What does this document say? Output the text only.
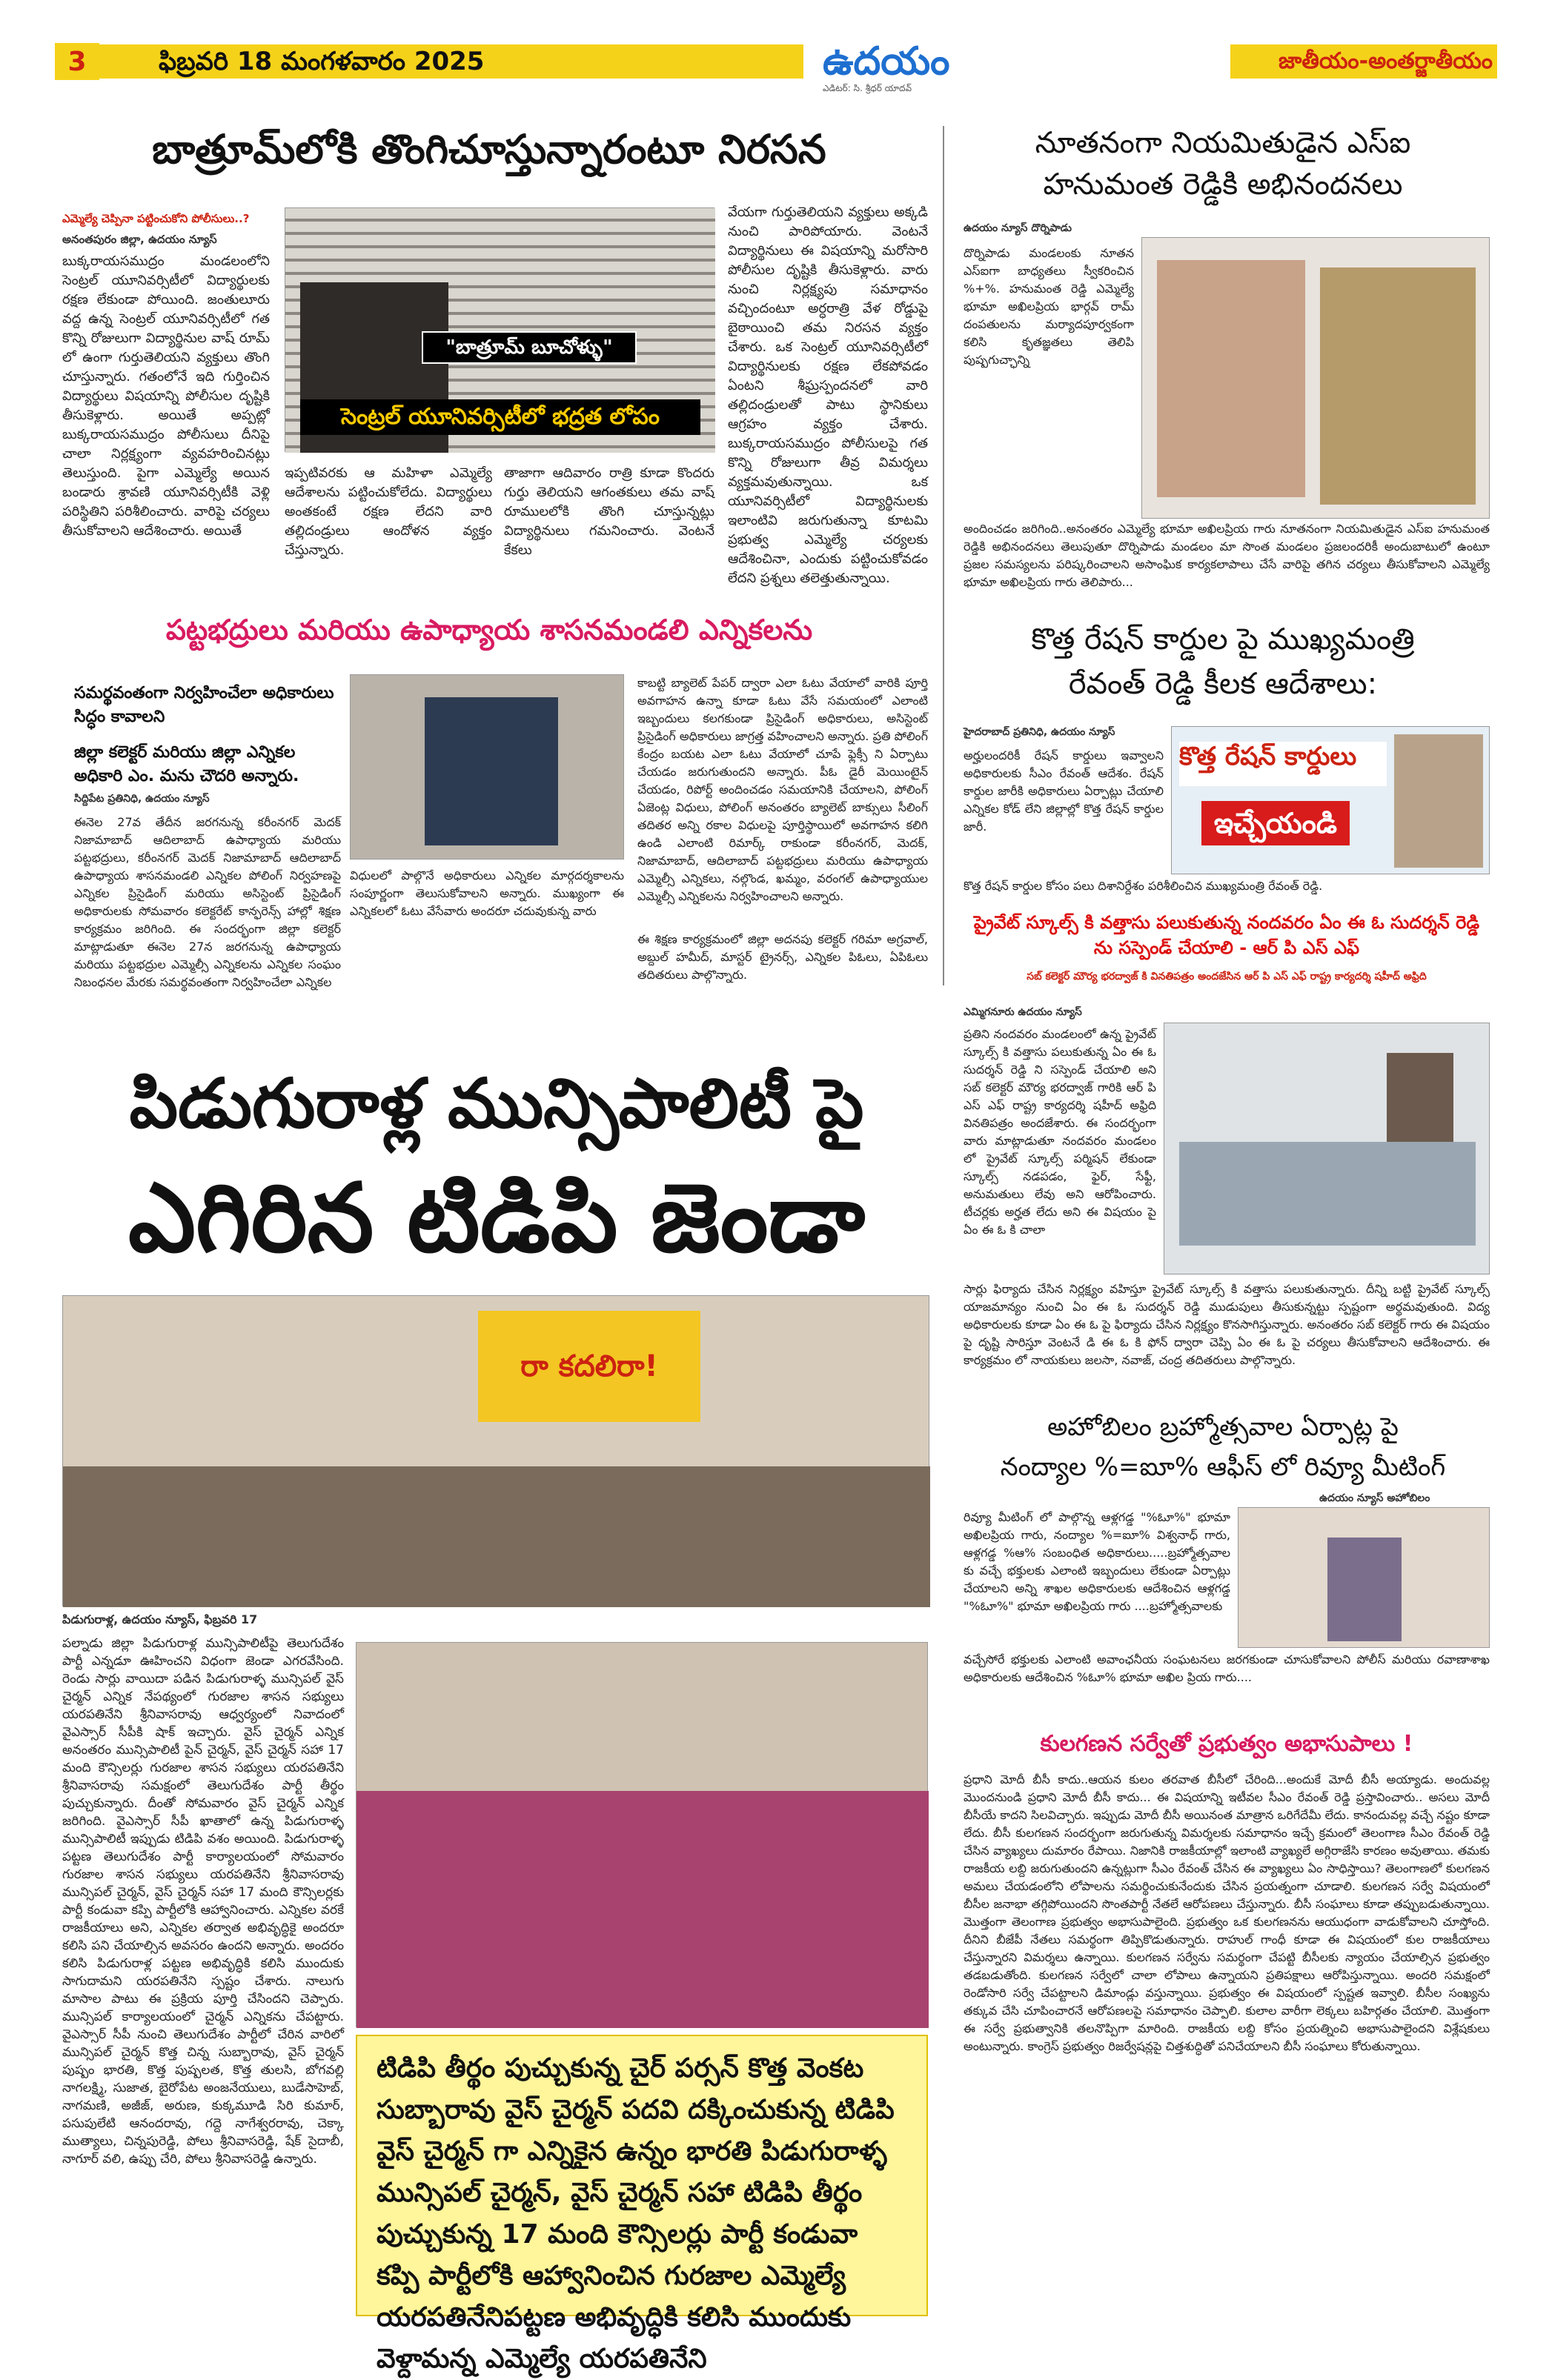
3	ఫిబ్రవరి 18 మంగళవారం 2025	ఉదయం
ఎడిటర్: సి. శ్రీధర్ యాదవ్
జాతీయం-అంతర్జాతీయం
బాత్రూమ్‌లోకి తొంగిచూస్తున్నారంటూ నిరసన
ఎమ్మెల్యే చెప్పినా పట్టించుకోని పోలీసులు..?
అనంతపురం జిల్లా, ఉదయం న్యూస్
"బాత్రూమ్ బూచోళ్ళు"
సెంట్రల్ యూనివర్సిటీలో భద్రత లోపం
బుక్కరాయసముద్రం మండలంలోని సెంట్రల్ యూనివర్సిటీలో విద్యార్థులకు రక్షణ లేకుండా పోయింది. జంతులూరు వద్ద ఉన్న సెంట్రల్ యూనివర్సిటీలో గత కొన్ని రోజులుగా విద్యార్థినుల వాష్ రూమ్ లో ఉంగా గుర్తుతెలియని వ్యక్తులు తొంగి చూస్తున్నారు. గతంలోనే ఇది గుర్తించిన విద్యార్థులు విషయాన్ని పోలీసుల దృష్టికి తీసుకెళ్లారు. అయితే అప్పట్లో బుక్కరాయసముద్రం పోలీసులు దీనిపై చాలా నిర్లక్ష్యంగా వ్యవహరించినట్లు తెలుస్తుంది. పైగా ఎమ్మెల్యే అయిన బండారు శ్రావణి యూనివర్సిటీకి వెళ్లి పరిస్థితిని పరిశీలించారు. వారిపై చర్యలు తీసుకోవాలని ఆదేశించారు. అయితే
ఇప్పటివరకు ఆ మహిళా ఎమ్మెల్యే ఆదేశాలను పట్టించుకోలేదు. విద్యార్థులు అంతకంటే రక్షణ లేదని వారి తల్లిదండ్రులు ఆందోళన వ్యక్తం చేస్తున్నారు.
తాజాగా ఆదివారం రాత్రి కూడా కొందరు గుర్తు తెలియని ఆగంతకులు తమ వాష్ రూములలోకి తొంగి చూస్తున్నట్లు విద్యార్థినులు గమనించారు. వెంటనే కేకలు
వేయగా గుర్తుతెలియని వ్యక్తులు అక్కడి నుంచి పారిపోయారు. వెంటనే విద్యార్థినులు ఈ విషయాన్ని మరోసారి పోలీసుల దృష్టికి తీసుకెళ్లారు. వారు నుంచి నిర్లక్ష్యపు సమాధానం వచ్చిందంటూ అర్ధరాత్రి వేళ రోడ్డుపై బైఠాయించి తమ నిరసన వ్యక్తం చేశారు. ఒక సెంట్రల్ యూనివర్సిటీలో విద్యార్థినులకు రక్షణ లేకపోవడం ఏంటని శీఘ్రస్పందనలో వారి తల్లిదండ్రులతో పాటు స్థానికులు ఆగ్రహం వ్యక్తం చేశారు. బుక్కరాయసముద్రం పోలీసులపై గత కొన్ని రోజులుగా తీవ్ర విమర్శలు వ్యక్తమవుతున్నాయి. ఒక యూనివర్సిటీలో విద్యార్థినులకు ఇలాంటివి జరుగుతున్నా కూటమి ప్రభుత్వ ఎమ్మెల్యే చర్యలకు ఆదేశించినా, ఎందుకు పట్టించుకోవడం లేదని ప్రశ్నలు తలెత్తుతున్నాయి.
నూతనంగా నియమితుడైన ఎస్ఐ
హనుమంత రెడ్డికి అభినందనలు
ఉదయం న్యూస్ దొర్నిపాడు
దొర్నిపాడు మండలంకు నూతన ఎస్ఐగా బాధ్యతలు స్వీకరించిన %+%. హనుమంత రెడ్డి ఎమ్మెల్యే భూమా అఖిలప్రియ భార్గవ్ రామ్ దంపతులను మర్యాదపూర్వకంగా కలిసి కృతజ్ఞతలు తెలిపి పుష్పగుచ్ఛాన్ని
అందించడం జరిగింది..అనంతరం ఎమ్మెల్యే భూమా అఖిలప్రియ గారు నూతనంగా నియమితుడైన ఎస్ఐ హనుమంత రెడ్డికి అభినందనలు తెలుపుతూ దొర్నిపాడు మండలం మా సొంత మండలం ప్రజలందరికీ అందుబాటులో ఉంటూ ప్రజల సమస్యలను పరిష్కరించాలని అసాంఘిక కార్యకలాపాలు చేసే వారిపై తగిన చర్యలు తీసుకోవాలని ఎమ్మెల్యే భూమా అఖిలప్రియ గారు తెలిపారు...
కొత్త రేషన్ కార్డుల పై ముఖ్యమంత్రి
రేవంత్ రెడ్డి కీలక ఆదేశాలు:
హైదరాబాద్ ప్రతినిధి, ఉదయం న్యూస్
అర్హులందరికీ రేషన్ కార్డులు ఇవ్వాలని అధికారులకు సీఎం రేవంత్ ఆదేశం. రేషన్ కార్డుల జారీకి అధికారులు ఏర్పాట్లు చేయాలి ఎన్నికల కోడ్ లేని జిల్లాల్లో కొత్త రేషన్ కార్డుల జారీ.
కొత్త రేషన్ కార్డులు
ఇచ్చేయండి
కొత్త రేషన్ కార్డుల కోసం పలు దిశానిర్దేశం పరిశీలించిన ముఖ్యమంత్రి రేవంత్ రెడ్డి.
ప్రైవేట్ స్కూల్స్ కి వత్తాసు పలుకుతున్న నందవరం ఏం ఈ ఓ సుదర్శన్ రెడ్డి ను సస్పెండ్ చేయాలి - ఆర్ పి ఎస్ ఎఫ్
సబ్ కలెక్టర్ మౌర్య భరద్వాజ్ కి వినతిపత్రం అందజేసిన ఆర్ పి ఎస్ ఎఫ్ రాష్ట్ర కార్యదర్శి షహీద్ అఫ్రిది
ఎమ్మిగనూరు ఉదయం న్యూస్
ప్రతిని నందవరం మండలంలో ఉన్న ప్రైవేట్ స్కూల్స్ కి వత్తాసు పలుకుతున్న ఏం ఈ ఓ సుదర్శన్ రెడ్డి ని సస్పెండ్ చేయాలి అని సబ్ కలెక్టర్ మౌర్య భరద్వాజ్ గారికి ఆర్ పి ఎస్ ఎఫ్ రాష్ట్ర కార్యదర్శి షహీద్ అఫ్రిది వినతిపత్రం అందజేశారు. ఈ సందర్భంగా వారు మాట్లాడుతూ నందవరం మండలం లో ప్రైవేట్ స్కూల్స్ పర్మిషన్ లేకుండా స్కూల్స్ నడపడం, ఫైర్, సేఫ్టీ, అనుమతులు లేవు అని ఆరోపించారు. టీచర్లకు అర్హత లేదు అని ఈ విషయం పై ఏం ఈ ఓ కి చాలా
సార్లు ఫిర్యాదు చేసిన నిర్లక్ష్యం వహిస్తూ ప్రైవేట్ స్కూల్స్ కి వత్తాసు పలుకుతున్నారు. దీన్ని బట్టి ప్రైవేట్ స్కూల్స్ యాజమాన్యం నుంచి ఏం ఈ ఓ సుదర్శన్ రెడ్డి ముడుపులు తీసుకున్నట్టు స్పష్టంగా అర్థమవుతుంది. విద్య అధికారులకు కూడా ఏం ఈ ఓ పై ఫిర్యాదు చేసిన నిర్లక్ష్యం కొనసాగిస్తున్నారు. అనంతరం సబ్ కలెక్టర్ గారు ఈ విషయం పై దృష్టి సారిస్తూ వెంటనే డి ఈ ఓ కి ఫోన్ ద్వారా చెప్పి ఏం ఈ ఓ పై చర్యలు తీసుకోవాలని ఆదేశించారు. ఈ కార్యక్రమం లో నాయకులు జలసా, నవాజ్, చంద్ర తదితరులు పాల్గొన్నారు.
పట్టభద్రులు మరియు ఉపాధ్యాయ శాసనమండలి ఎన్నికలను
సమర్థవంతంగా నిర్వహించేలా అధికారులు సిద్ధం కావాలని
జిల్లా కలెక్టర్ మరియు జిల్లా ఎన్నికల అధికారి ఎం. మను చౌదరి అన్నారు.
సిద్దిపేట ప్రతినిధి, ఉదయం న్యూస్
ఈనెల 27వ తేదీన జరగనున్న కరీంనగర్ మెదక్ నిజామాబాద్ ఆదిలాబాద్ ఉపాధ్యాయ మరియు పట్టభద్రులు, కరీంనగర్ మెదక్ నిజామాబాద్ ఆదిలాబాద్ ఉపాధ్యాయ శాసనమండలి ఎన్నికల పోలింగ్ నిర్వహణపై ఎన్నికల ప్రిసైడింగ్ మరియు అసిస్టెంట్ ప్రిసైడింగ్ అధికారులకు సోమవారం కలెక్టరేట్ కాన్ఫరెన్స్ హాల్లో శిక్షణ కార్యక్రమం జరిగింది. ఈ సందర్భంగా జిల్లా కలెక్టర్ మాట్లాడుతూ ఈనెల 27న జరగనున్న ఉపాధ్యాయ మరియు పట్టభద్రుల ఎమ్మెల్సీ ఎన్నికలను ఎన్నికల సంఘం నిబంధనల మేరకు సమర్థవంతంగా నిర్వహించేలా ఎన్నికల
విధులలో పాల్గొనే అధికారులు ఎన్నికల మార్గదర్శకాలను సంపూర్ణంగా తెలుసుకోవాలని అన్నారు. ముఖ్యంగా ఈ ఎన్నికలలో ఓటు వేసేవారు అందరూ చదువుకున్న వారు
కాబట్టి బ్యాలెట్ పేపర్ ద్వారా ఎలా ఓటు వేయాలో వారికి పూర్తి అవగాహన ఉన్నా కూడా ఓటు వేసే సమయంలో ఎలాంటి ఇబ్బందులు కలగకుండా ప్రిసైడింగ్ అధికారులు, అసిస్టెంట్ ప్రిసైడింగ్ అధికారులు జాగ్రత్త వహించాలని అన్నారు. ప్రతి పోలింగ్ కేంద్రం బయట ఎలా ఓటు వేయాలో చూపే ఫ్లెక్సీ ని ఏర్పాటు చేయడం జరుగుతుందని అన్నారు. పీఓ డైరీ మెయింటైన్ చేయడం, రిపోర్ట్ అందించడం సమయానికి చేయాలని, పోలింగ్ ఏజెంట్ల విధులు, పోలింగ్ అనంతరం బ్యాలెట్ బాక్సులు సీలింగ్ తదితర అన్ని రకాల విధులపై పూర్తిస్థాయిలో అవగాహన కలిగి ఉండి ఎలాంటి రిమార్క్ రాకుండా కరీంనగర్, మెదక్, నిజామాబాద్, ఆదిలాబాద్ పట్టభద్రులు మరియు ఉపాధ్యాయ ఎమ్మెల్సీ ఎన్నికలు, నల్గొండ, ఖమ్మం, వరంగల్ ఉపాధ్యాయుల ఎమ్మెల్సీ ఎన్నికలను నిర్వహించాలని అన్నారు.
ఈ శిక్షణ కార్యక్రమంలో జిల్లా అదనపు కలెక్టర్ గరిమా అగ్రవాల్, అబ్దుల్ హమీద్, మాస్టర్ ట్రైనర్స్, ఎన్నికల పిఓలు, ఏపిఓలు తదితరులు పాల్గొన్నారు.
పిడుగురాళ్ల మున్సిపాలిటీ పై
ఎగిరిన టిడిపి జెండా
రా కదలిరా!
పిడుగురాళ్ల, ఉదయం న్యూస్, ఫిబ్రవరి 17
పల్నాడు జిల్లా పిడుగురాళ్ల మున్సిపాలిటీపై తెలుగుదేశం పార్టీ ఎన్నడూ ఊహించని విధంగా జెండా ఎగరవేసింది. రెండు సార్లు వాయిదా పడిన పిడుగురాళ్ళ మున్సిపల్ వైస్ చైర్మన్ ఎన్నిక నేపథ్యంలో గురజాల శాసన సభ్యులు యరపతినేని శ్రీనివాసరావు ఆధ్వర్యంలో నివాదంలో వైఎస్సార్ సీపీకి షాక్ ఇచ్చారు. వైస్ చైర్మన్ ఎన్నిక అనంతరం మున్సిపాలిటీ పైన్ చైర్మన్, వైస్ చైర్మన్ సహా 17 మంది కౌన్సిలర్లు గురజాల శాసన సభ్యులు యరపతినేని శ్రీనివాసరావు సమక్షంలో తెలుగుదేశం పార్టీ తీర్థం పుచ్చుకున్నారు. దీంతో సోమవారం వైస్ చైర్మన్ ఎన్నిక జరిగింది. వైఎస్సార్ సీపీ ఖాతాలో ఉన్న పిడుగురాళ్ళ మున్సిపాలిటీ ఇప్పుడు టిడిపి వశం అయింది. పిడుగురాళ్ళ పట్టణ తెలుగుదేశం పార్టీ కార్యాలయంలో సోమవారం గురజాల శాసన సభ్యులు యరపతినేని శ్రీనివాసరావు మున్సిపల్ చైర్మన్, వైస్ చైర్మన్ సహా 17 మంది కౌన్సిలర్లకు పార్టీ కండువా కప్పి పార్టీలోకి ఆహ్వానించారు. ఎన్నికల వరకే రాజకీయాలు అని, ఎన్నికల తర్వాత అభివృద్ధికై అందరూ కలిసి పని చేయాల్సిన అవసరం ఉందని అన్నారు. అందరం కలిసి పిడుగురాళ్ల పట్టణ అభివృద్ధికి కలిసి ముందుకు సాగుదామని యరపతినేని స్పష్టం చేశారు. నాలుగు మాసాల పాటు ఈ ప్రక్రియ పూర్తి చేసిందని చెప్పారు. మున్సిపల్ కార్యాలయంలో చైర్మన్ ఎన్నికను చేపట్టారు. వైఎస్సార్ సీపీ నుంచి తెలుగుదేశం పార్టీలో చేరిన వారిలో మున్సిపల్ చైర్మన్ కొత్త చిన్న సుబ్బారావు, వైస్ చైర్మన్ పుష్పం భారతి, కొత్త పుష్పలత, కొత్త తులసి, బోగవల్లి నాగలక్ష్మి, సుజాత, బైరోపేట అంజనేయులు, బుడేసాహెబ్, నాగమణి, అజీజ్, అరుణ, కుక్కమూడి సిరి కుమార్, పసుపులేటి ఆనందరావు, గద్దె నాగేశ్వరరావు, చెక్కా ముత్యాలు, చిన్నపురెడ్డి, పోలు శ్రీనివాసరెడ్డి, షేక్ సైదాబీ, నాగూర్ వలి, ఉప్పు చేరి, పోలు శ్రీనివాసరెడ్డి ఉన్నారు.
టిడిపి తీర్థం పుచ్చుకున్న చైర్ పర్సన్ కొత్త వెంకట సుబ్బారావు వైస్ చైర్మన్ పదవి దక్కించుకున్న టిడిపి వైస్ చైర్మన్ గా ఎన్నికైన ఉన్నం భారతి పిడుగురాళ్ళ మున్సిపల్ చైర్మన్, వైస్ చైర్మన్ సహా టిడిపి తీర్థం పుచ్చుకున్న 17 మంది కౌన్సిలర్లు పార్టీ కండువా కప్పి పార్టీలోకి ఆహ్వానించిన గురజాల ఎమ్మెల్యే యరపతినేనిపట్టణ అభివృద్ధికి కలిసి ముందుకు వెళ్దామన్న ఎమ్మెల్యే యరపతినేని
అహోబిలం బ్రహ్మోత్సవాల ఏర్పాట్ల పై
నంద్యాల %=ఐూ% ఆఫీస్ లో రివ్యూ మీటింగ్
ఉదయం న్యూస్ అహోబిలం
రివ్యూ మీటింగ్ లో పాల్గొన్న ఆళ్లగడ్డ "%ఓూ%" భూమా అఖిలప్రియ గారు, నంద్యాల %=ఐూ% విశ్వనాధ్ గారు, ఆళ్లగడ్డ %ఆ% సంబంధిత అధికారులు.....బ్రహ్మోత్సవాల కు వచ్చే భక్తులకు ఎలాంటి ఇబ్బందులు లేకుండా ఏర్పాట్లు చేయాలని అన్ని శాఖల అధికారులకు ఆదేశించిన ఆళ్లగడ్డ "%ఓూ%" భూమా అఖిలప్రియ గారు ....బ్రహ్మోత్సవాలకు
వచ్చేసోరే భక్తులకు ఎలాంటి అవాంఛనీయ సంఘటనలు జరగకుండా చూసుకోవాలని పోలీస్ మరియు రవాణాశాఖ అధికారులకు ఆదేశించిన %ఓూ% భూమా అఖిల ప్రియ గారు....
కులగణన సర్వేతో ప్రభుత్వం అభాసుపాలు !
ప్రధాని మోదీ బీసీ కాదు..ఆయన కులం తరవాత బీసీలో చేరింది...అందుకే మోదీ బీసీ అయ్యాడు. అందువల్ల మొందనుండి ప్రధాని మోదీ బీసీ కాదు... ఈ విషయాన్ని ఇటీవల సీఎం రేవంత్ రెడ్డి ప్రస్తావించారు.. అసలు మోదీ బీసీయే కాదని సిలవిచ్చారు. ఇప్పుడు మోదీ బీసీ అయినంత మాత్రాన ఒరిగేదేమీ లేదు. కానందువల్ల వచ్చే నష్టం కూడా లేదు. బీసీ కులగణన సందర్భంగా జరుగుతున్న విమర్శలకు సమాధానం ఇచ్చే క్రమంలో తెలంగాణ సీఎం రేవంత్ రెడ్డి చేసిన వ్యాఖ్యలు దుమారం రేపాయి. నిజానికి రాజకీయాల్లో ఇలాంటి వ్యాఖ్యలే అగ్గిరాజేసి కారణం అవుతాయి. తమకు రాజకీయ లబ్ది జరుగుతుందని ఉన్నట్లుగా సీఎం రేవంత్ చేసిన ఈ వ్యాఖ్యలు ఏం సాధిస్తాయి? తెలంగాణలో కులగణన అమలు చేయడంలోని లోపాలను సమర్థించుకునేందుకు చేసిన ప్రయత్నంగా చూడాలి. కులగణన సర్వే విషయంలో బీసీల జనాభా తగ్గిపోయిందని సొంతపార్టీ నేతలే ఆరోపణలు చేస్తున్నారు. బీసీ సంఘాలు కూడా తప్పుబడుతున్నాయి. మొత్తంగా తెలంగాణ ప్రభుత్వం అభాసుపాలైంది. ప్రభుత్వం ఒక కులగణనను ఆయుధంగా వాడుకోవాలని చూస్తోంది. దీనిని బీజేపీ నేతలు సమర్థంగా తిప్పికొడుతున్నారు. రాహుల్ గాంధీ కూడా ఈ విషయంలో కుల రాజకీయాలు చేస్తున్నారని విమర్శలు ఉన్నాయి. కులగణన సర్వేను సమర్థంగా చేపట్టి బీసీలకు న్యాయం చేయాల్సిన ప్రభుత్వం తడబడుతోంది. కులగణన సర్వేలో చాలా లోపాలు ఉన్నాయని ప్రతిపక్షాలు ఆరోపిస్తున్నాయి. అందరి సమక్షంలో రెండోసారి సర్వే చేపట్టాలని డిమాండ్లు వస్తున్నాయి. ప్రభుత్వం ఈ విషయంలో స్పష్టత ఇవ్వాలి. బీసీల సంఖ్యను తక్కువ చేసి చూపించారనే ఆరోపణలపై సమాధానం చెప్పాలి. కులాల వారీగా లెక్కలు బహిర్గతం చేయాలి. మొత్తంగా ఈ సర్వే ప్రభుత్వానికి తలనొప్పిగా మారింది. రాజకీయ లబ్ది కోసం ప్రయత్నించి అభాసుపాలైందని విశ్లేషకులు అంటున్నారు. కాంగ్రెస్ ప్రభుత్వం రిజర్వేషన్లపై చిత్తశుద్ధితో పనిచేయాలని బీసీ సంఘాలు కోరుతున్నాయి.
